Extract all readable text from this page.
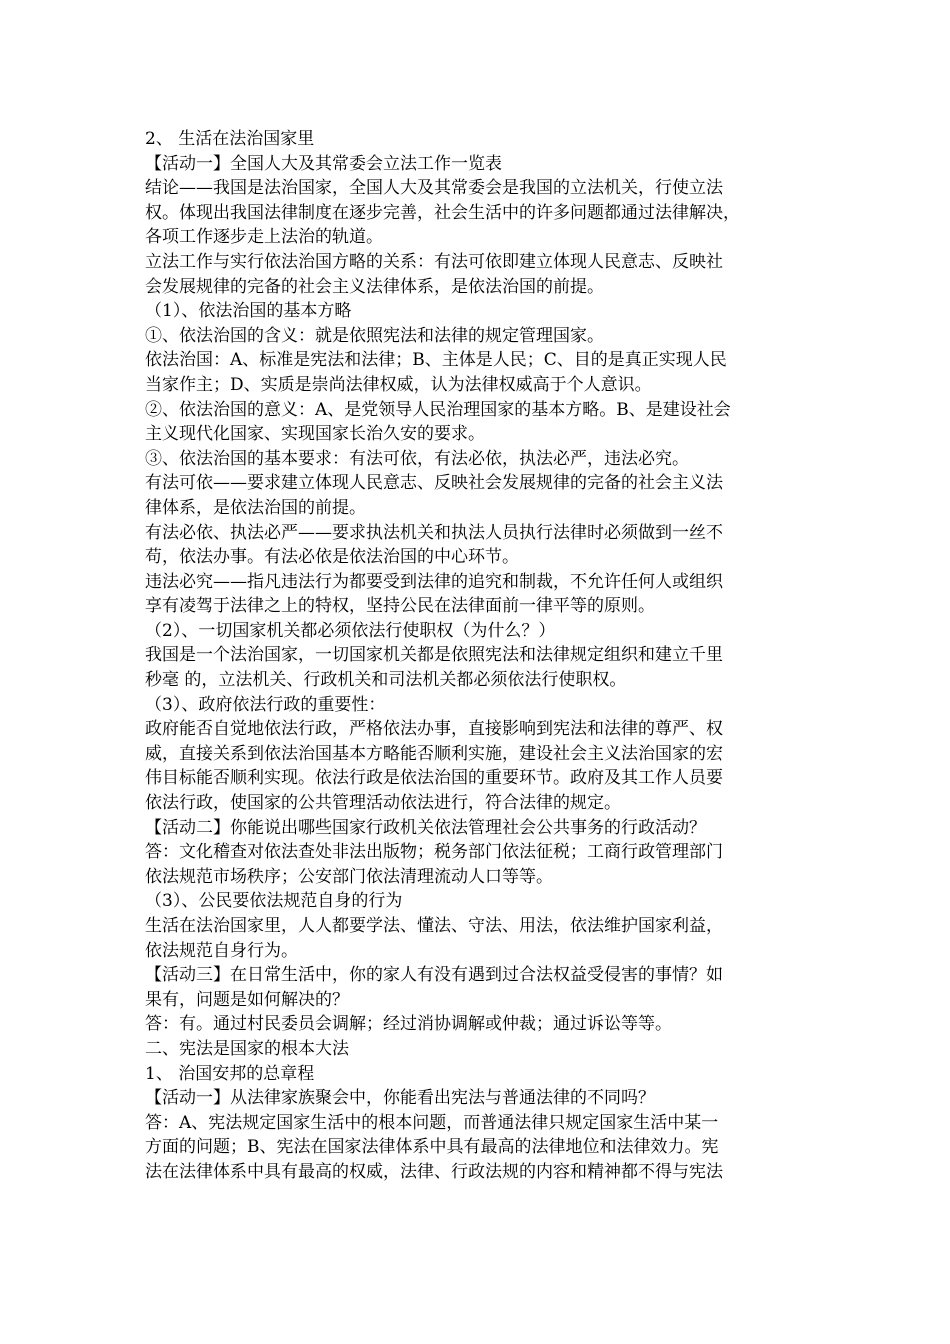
2、 生活在法治国家里
【活动一】全国人大及其常委会立法工作一览表
结论——我国是法治国家，全国人大及其常委会是我国的立法机关，行使立法
权。体现出我国法律制度在逐步完善，社会生活中的许多问题都通过法律解决，
各项工作逐步走上法治的轨道。
立法工作与实行依法治国方略的关系：有法可依即建立体现人民意志、反映社
会发展规律的完备的社会主义法律体系，是依法治国的前提。
（1）、依法治国的基本方略
①、依法治国的含义：就是依照宪法和法律的规定管理国家。
依法治国：A、标准是宪法和法律；B、主体是人民；C、目的是真正实现人民
当家作主；D、实质是崇尚法律权威，认为法律权威高于个人意识。
②、依法治国的意义：A、是党领导人民治理国家的基本方略。B、是建设社会
主义现代化国家、实现国家长治久安的要求。
③、依法治国的基本要求：有法可依，有法必依，执法必严，违法必究。
有法可依——要求建立体现人民意志、反映社会发展规律的完备的社会主义法
律体系，是依法治国的前提。
有法必依、执法必严——要求执法机关和执法人员执行法律时必须做到一丝不
苟，依法办事。有法必依是依法治国的中心环节。
违法必究——指凡违法行为都要受到法律的追究和制裁，不允许任何人或组织
享有凌驾于法律之上的特权，坚持公民在法律面前一律平等的原则。
（2）、一切国家机关都必须依法行使职权（为什么？）
我国是一个法治国家，一切国家机关都是依照宪法和法律规定组织和建立千里
秒毫 的，立法机关、行政机关和司法机关都必须依法行使职权。
（3）、政府依法行政的重要性：
政府能否自觉地依法行政，严格依法办事，直接影响到宪法和法律的尊严、权
威，直接关系到依法治国基本方略能否顺利实施，建设社会主义法治国家的宏
伟目标能否顺利实现。依法行政是依法治国的重要环节。政府及其工作人员要
依法行政，使国家的公共管理活动依法进行，符合法律的规定。
【活动二】你能说出哪些国家行政机关依法管理社会公共事务的行政活动？
答：文化稽查对依法查处非法出版物；税务部门依法征税；工商行政管理部门
依法规范市场秩序；公安部门依法清理流动人口等等。
（3）、公民要依法规范自身的行为
生活在法治国家里，人人都要学法、懂法、守法、用法，依法维护国家利益，
依法规范自身行为。
【活动三】在日常生活中，你的家人有没有遇到过合法权益受侵害的事情？如
果有，问题是如何解决的？
答：有。通过村民委员会调解；经过消协调解或仲裁；通过诉讼等等。
二、宪法是国家的根本大法
1、 治国安邦的总章程
【活动一】从法律家族聚会中，你能看出宪法与普通法律的不同吗？
答：A、宪法规定国家生活中的根本问题，而普通法律只规定国家生活中某一
方面的问题；B、宪法在国家法律体系中具有最高的法律地位和法律效力。宪
法在法律体系中具有最高的权威，法律、行政法规的内容和精神都不得与宪法
